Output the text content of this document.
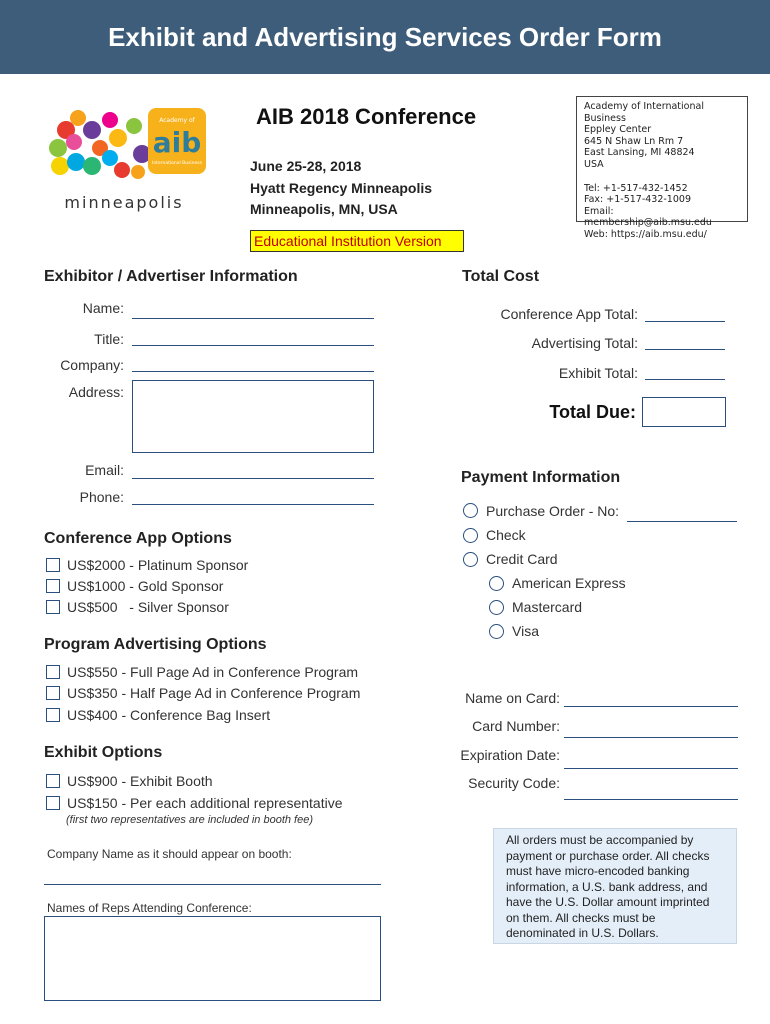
Exhibit and Advertising Services Order Form
Academy of
aib
International Business
minneapolis
AIB 2018 Conference
June 25-28, 2018
Hyatt Regency Minneapolis
Minneapolis, MN, USA
Academy of International Business
Eppley Center
645 N Shaw Ln Rm 7
East Lansing, MI 48824
USA
Tel: +1-517-432-1452
Fax: +1-517-432-1009
Email: membership@aib.msu.edu
Web: https://aib.msu.edu/
Educational Institution Version
Exhibitor / Advertiser Information
Name:
Title:
Company:
Address:
Email:
Phone:
Total Cost
Conference App Total:
Advertising Total:
Exhibit Total:
Total Due:
Conference App Options
US$2000 - Platinum Sponsor
US$1000 - Gold Sponsor
US$500   - Silver Sponsor
Program Advertising Options
US$550 - Full Page Ad in Conference Program
US$350 - Half Page Ad in Conference Program
US$400 - Conference Bag Insert
Exhibit Options
US$900 - Exhibit Booth
US$150 - Per each additional representative
(first two representatives are included in booth fee)
Company Name as it should appear on booth:
Names of Reps Attending Conference:
Payment Information
Purchase Order - No:
Check
Credit Card
American Express
Mastercard
Visa
Name on Card:
Card Number:
Expiration Date:
Security Code:
All orders must be accompanied by payment or purchase order. All checks must have micro-encoded banking information, a U.S. bank address, and have the U.S. Dollar amount imprinted on them. All checks must be denominated in U.S. Dollars.
